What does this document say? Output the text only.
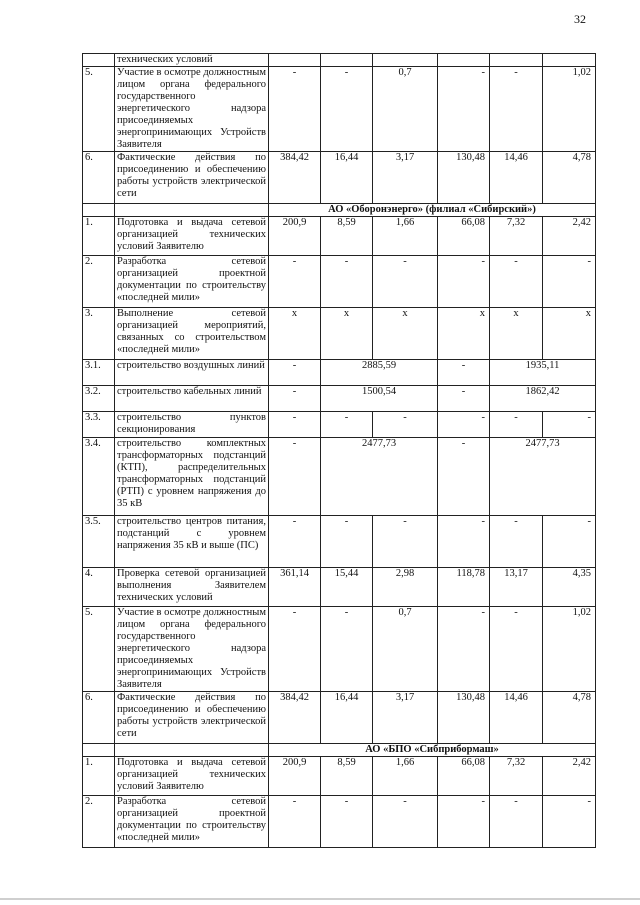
32
	технических условий						
5.	Участие в осмотре должностным лицом органа федерального государственного энергетического надзора присоединяемых энергопринимающих Устройств Заявителя	-	-	0,7	-	-	1,02
6.	Фактические действия по присоединению и обеспечению работы устройств электрической сети	384,42	16,44	3,17	130,48	14,46	4,78
		АО «Оборонэнерго» (филиал «Сибирский»)					
1.	Подготовка и выдача сетевой организацией технических условий Заявителю	200,9	8,59	1,66	66,08	7,32	2,42
2.	Разработка сетевой организацией проектной документации по строительству «последней мили»	-	-	-	-	-	-
3.	Выполнение сетевой организацией мероприятий, связанных со строительством «последней мили»	x	x	x	x	x	x
3.1.	строительство воздушных линий	-	2885,59		-	1935,11	
3.2.	строительство кабельных линий	-	1500,54		-	1862,42	
3.3.	строительство пунктов секционирования	-	-	-	-	-	-
3.4.	строительство комплектных трансформаторных подстанций (КТП), распределительных трансформаторных подстанций (РТП) с уровнем напряжения до 35 кВ	-	2477,73		-	2477,73	
3.5.	строительство центров питания, подстанций с уровнем напряжения 35 кВ и выше (ПС)	-	-	-	-	-	-
4.	Проверка сетевой организацией выполнения Заявителем технических условий	361,14	15,44	2,98	118,78	13,17	4,35
5.	Участие в осмотре должностным лицом органа федерального государственного энергетического надзора присоединяемых энергопринимающих Устройств Заявителя	-	-	0,7	-	-	1,02
6.	Фактические действия по присоединению и обеспечению работы устройств электрической сети	384,42	16,44	3,17	130,48	14,46	4,78
		АО «БПО «Сибприбормаш»					
1.	Подготовка и выдача сетевой организацией технических условий Заявителю	200,9	8,59	1,66	66,08	7,32	2,42
2.	Разработка сетевой организацией проектной документации по строительству «последней мили»	-	-	-	-	-	-
